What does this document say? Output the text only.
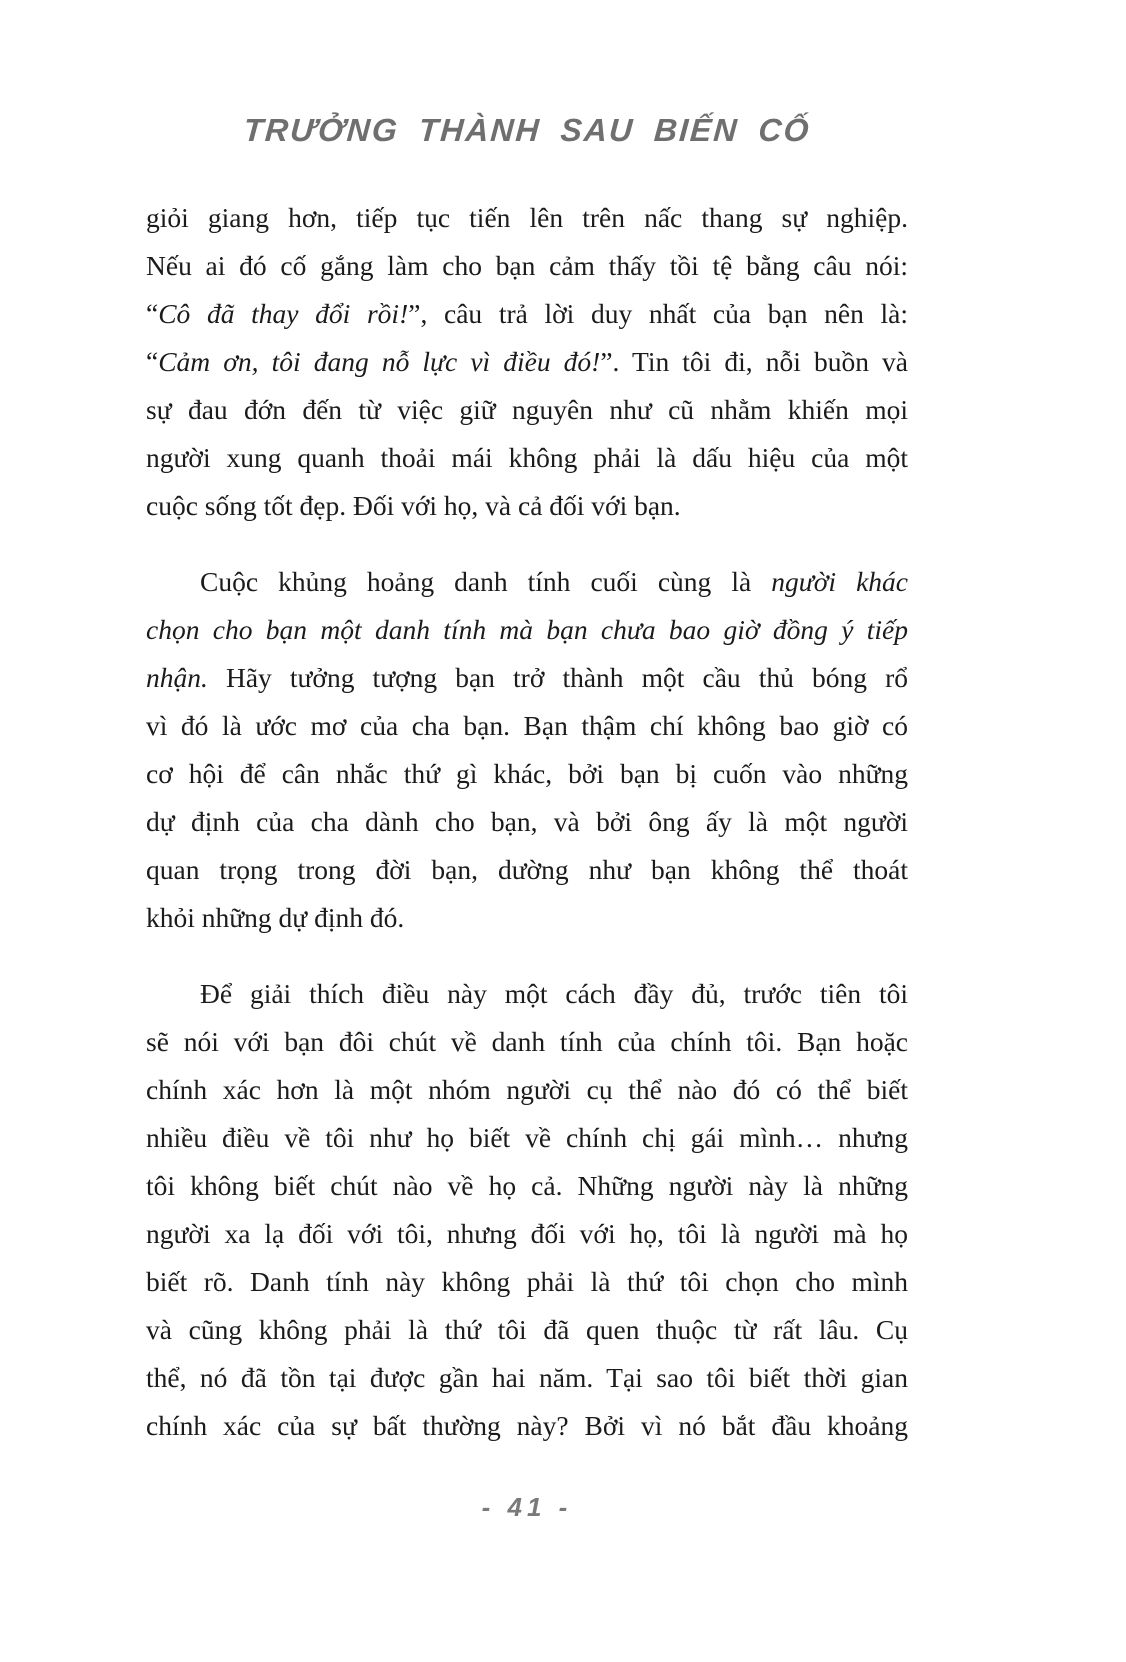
TRƯỞNG THÀNH SAU BIẾN CỐ
giỏi giang hơn, tiếp tục tiến lên trên nấc thang sự nghiệp.
Nếu ai đó cố gắng làm cho bạn cảm thấy tồi tệ bằng câu nói:
“Cô đã thay đổi rồi!”, câu trả lời duy nhất của bạn nên là:
“Cảm ơn, tôi đang nỗ lực vì điều đó!”. Tin tôi đi, nỗi buồn và
sự đau đớn đến từ việc giữ nguyên như cũ nhằm khiến mọi
người xung quanh thoải mái không phải là dấu hiệu của một
cuộc sống tốt đẹp. Đối với họ, và cả đối với bạn.
Cuộc khủng hoảng danh tính cuối cùng là người khác
chọn cho bạn một danh tính mà bạn chưa bao giờ đồng ý tiếp
nhận. Hãy tưởng tượng bạn trở thành một cầu thủ bóng rổ
vì đó là ước mơ của cha bạn. Bạn thậm chí không bao giờ có
cơ hội để cân nhắc thứ gì khác, bởi bạn bị cuốn vào những
dự định của cha dành cho bạn, và bởi ông ấy là một người
quan trọng trong đời bạn, dường như bạn không thể thoát
khỏi những dự định đó.
Để giải thích điều này một cách đầy đủ, trước tiên tôi
sẽ nói với bạn đôi chút về danh tính của chính tôi. Bạn hoặc
chính xác hơn là một nhóm người cụ thể nào đó có thể biết
nhiều điều về tôi như họ biết về chính chị gái mình… nhưng
tôi không biết chút nào về họ cả. Những người này là những
người xa lạ đối với tôi, nhưng đối với họ, tôi là người mà họ
biết rõ. Danh tính này không phải là thứ tôi chọn cho mình
và cũng không phải là thứ tôi đã quen thuộc từ rất lâu. Cụ
thể, nó đã tồn tại được gần hai năm. Tại sao tôi biết thời gian
chính xác của sự bất thường này? Bởi vì nó bắt đầu khoảng
- 41 -
